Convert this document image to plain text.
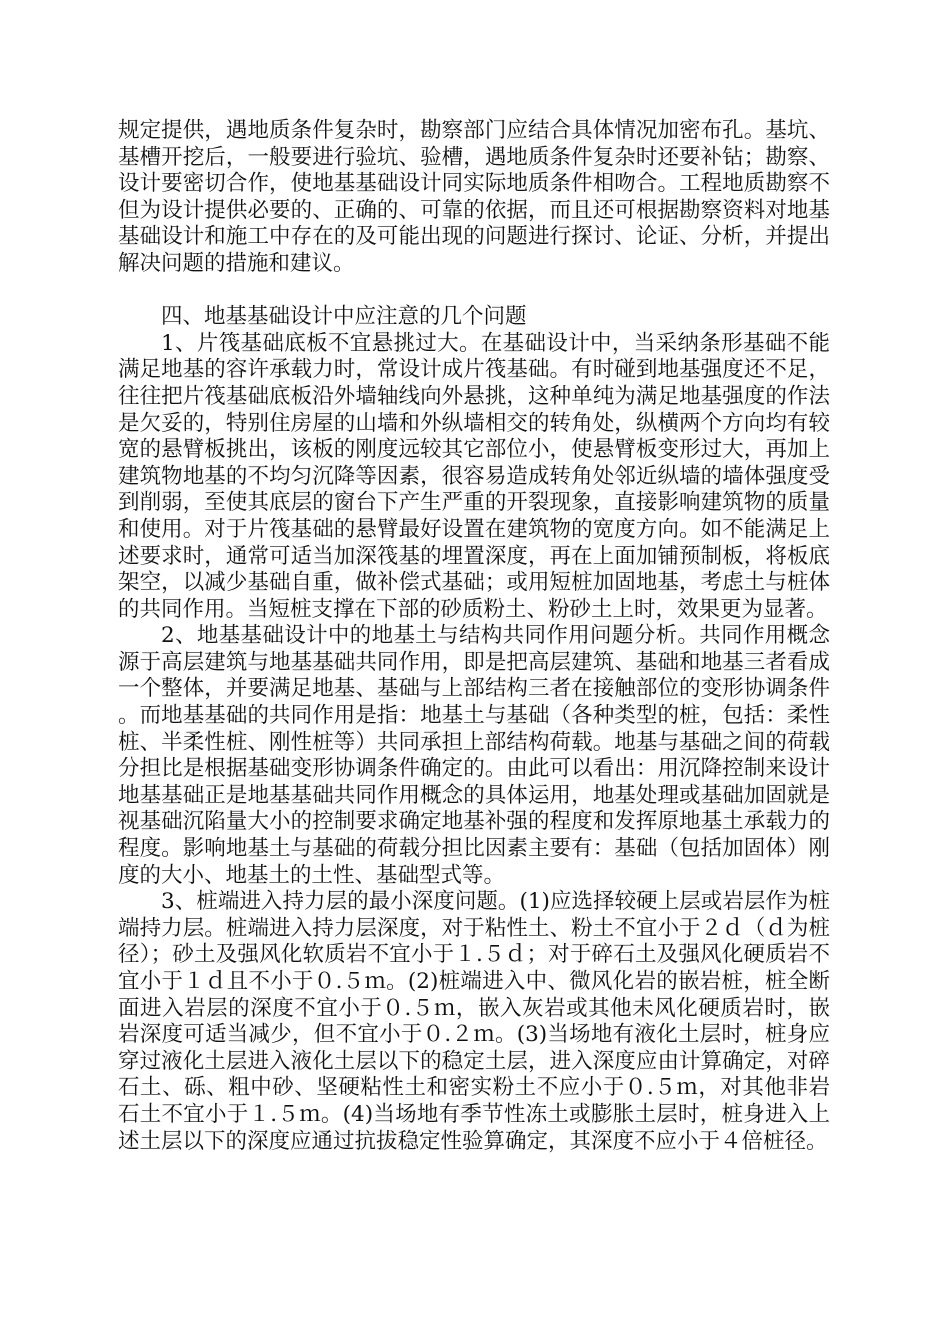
规定提供，遇地质条件复杂时，勘察部门应结合具体情况加密布孔。基坑、基槽开挖后，一般要进行验坑、验槽，遇地质条件复杂时还要补钻；勘察、设计要密切合作，使地基基础设计同实际地质条件相吻合。工程地质勘察不但为设计提供必要的、正确的、可靠的依据，而且还可根据勘察资料对地基基础设计和施工中存在的及可能出现的问题进行探讨、论证、分析，并提出解决问题的措施和建议。

四、地基基础设计中应注意的几个问题

1、片筏基础底板不宜悬挑过大。在基础设计中，当采纳条形基础不能满足地基的容许承载力时，常设计成片筏基础。有时碰到地基强度还不足，往往把片筏基础底板沿外墙轴线向外悬挑，这种单纯为满足地基强度的作法是欠妥的，特别住房屋的山墙和外纵墙相交的转角处，纵横两个方向均有较宽的悬臂板挑出，该板的刚度远较其它部位小，使悬臂板变形过大，再加上建筑物地基的不均匀沉降等因素，很容易造成转角处邻近纵墙的墙体强度受到削弱，至使其底层的窗台下产生严重的开裂现象，直接影响建筑物的质量和使用。对于片筏基础的悬臂最好设置在建筑物的宽度方向。如不能满足上述要求时，通常可适当加深筏基的埋置深度，再在上面加铺预制板，将板底架空，以减少基础自重，做补偿式基础；或用短桩加固地基，考虑土与桩体的共同作用。当短桩支撑在下部的砂质粉土、粉砂土上时，效果更为显著。

2、地基基础设计中的地基土与结构共同作用问题分析。共同作用概念源于高层建筑与地基基础共同作用，即是把高层建筑、基础和地基三者看成一个整体，并要满足地基、基础与上部结构三者在接触部位的变形协调条件。而地基基础的共同作用是指：地基土与基础（各种类型的桩，包括：柔性桩、半柔性桩、刚性桩等）共同承担上部结构荷载。地基与基础之间的荷载分担比是根据基础变形协调条件确定的。由此可以看出：用沉降控制来设计地基基础正是地基基础共同作用概念的具体运用，地基处理或基础加固就是视基础沉陷量大小的控制要求确定地基补强的程度和发挥原地基土承载力的程度。影响地基土与基础的荷载分担比因素主要有：基础（包括加固体）刚度的大小、地基土的土性、基础型式等。

3、桩端进入持力层的最小深度问题。(1)应选择较硬上层或岩层作为桩端持力层。桩端进入持力层深度，对于粘性土、粉土不宜小于２ｄ（ｄ为桩径）；砂土及强风化软质岩不宜小于１.５ｄ；对于碎石土及强风化硬质岩不宜小于１ｄ且不小于０.５ｍ。(2)桩端进入中、微风化岩的嵌岩桩，桩全断面进入岩层的深度不宜小于０.５ｍ，嵌入灰岩或其他未风化硬质岩时，嵌岩深度可适当减少，但不宜小于０.２ｍ。(3)当场地有液化土层时，桩身应穿过液化土层进入液化土层以下的稳定土层，进入深度应由计算确定，对碎石土、砾、粗中砂、坚硬粘性土和密实粉土不应小于０.５ｍ，对其他非岩石土不宜小于１.５ｍ。(4)当场地有季节性冻土或膨胀土层时，桩身进入上述土层以下的深度应通过抗拔稳定性验算确定，其深度不应小于４倍桩径。
